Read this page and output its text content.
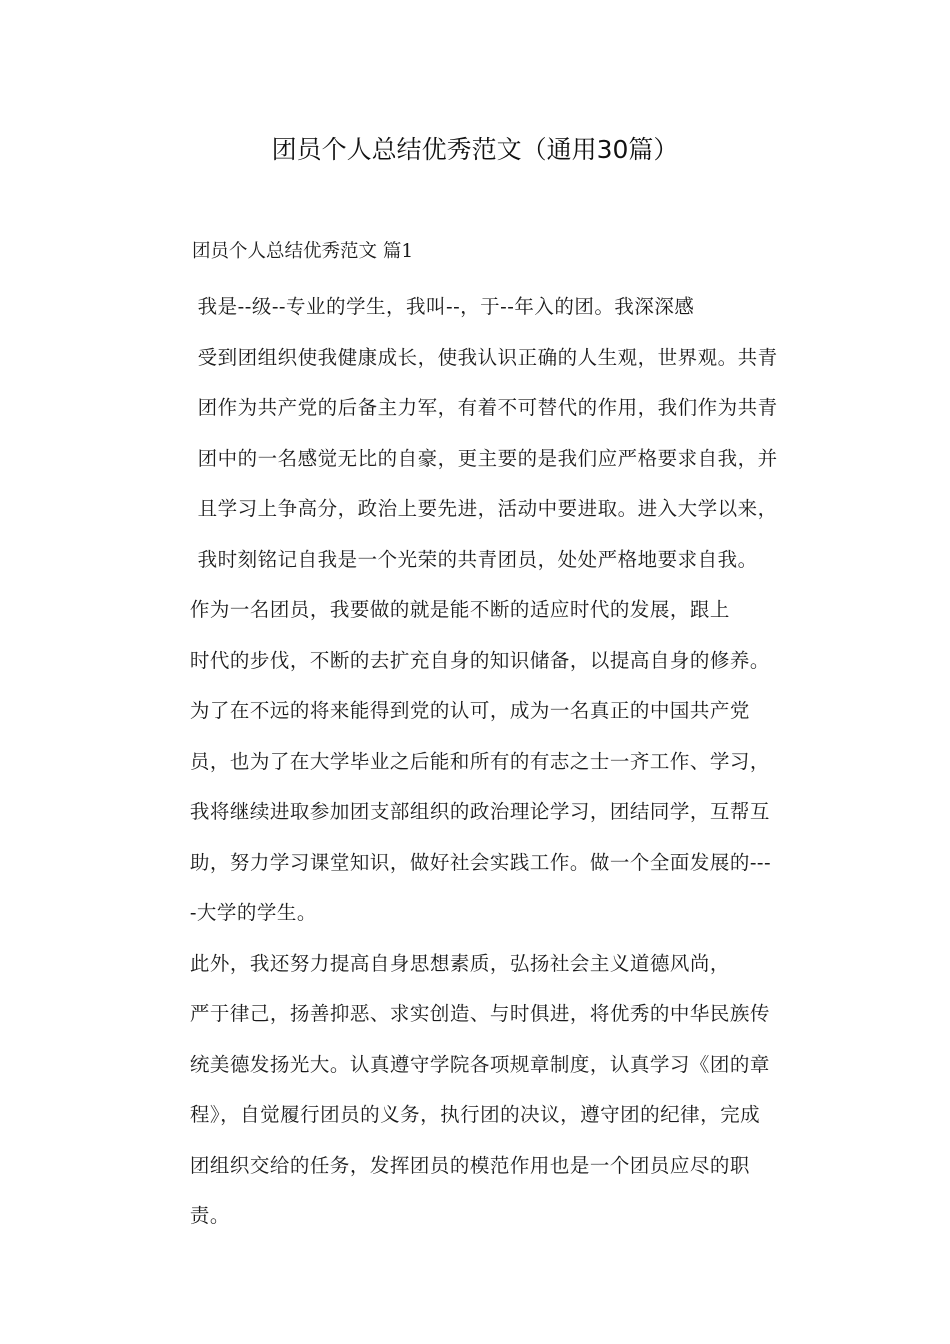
团员个人总结优秀范文（通用30篇）
团员个人总结优秀范文 篇1

我是--级--专业的学生，我叫--，于--年入的团。我深深感
受到团组织使我健康成长，使我认识正确的人生观，世界观。共青
团作为共产党的后备主力军，有着不可替代的作用，我们作为共青
团中的一名感觉无比的自豪，更主要的是我们应严格要求自我，并
且学习上争高分，政治上要先进，活动中要进取。进入大学以来，
我时刻铭记自我是一个光荣的共青团员，处处严格地要求自我。

作为一名团员，我要做的就是能不断的适应时代的发展，跟上
时代的步伐，不断的去扩充自身的知识储备，以提高自身的修养。
为了在不远的将来能得到党的认可，成为一名真正的中国共产党
员，也为了在大学毕业之后能和所有的有志之士一齐工作、学习，
我将继续进取参加团支部组织的政治理论学习，团结同学，互帮互
助，努力学习课堂知识，做好社会实践工作。做一个全面发展的---
-大学的学生。

此外，我还努力提高自身思想素质，弘扬社会主义道德风尚，
严于律己，扬善抑恶、求实创造、与时俱进，将优秀的中华民族传
统美德发扬光大。认真遵守学院各项规章制度，认真学习《团的章
程》，自觉履行团员的义务，执行团的决议，遵守团的纪律，完成
团组织交给的任务，发挥团员的模范作用也是一个团员应尽的职
责。
